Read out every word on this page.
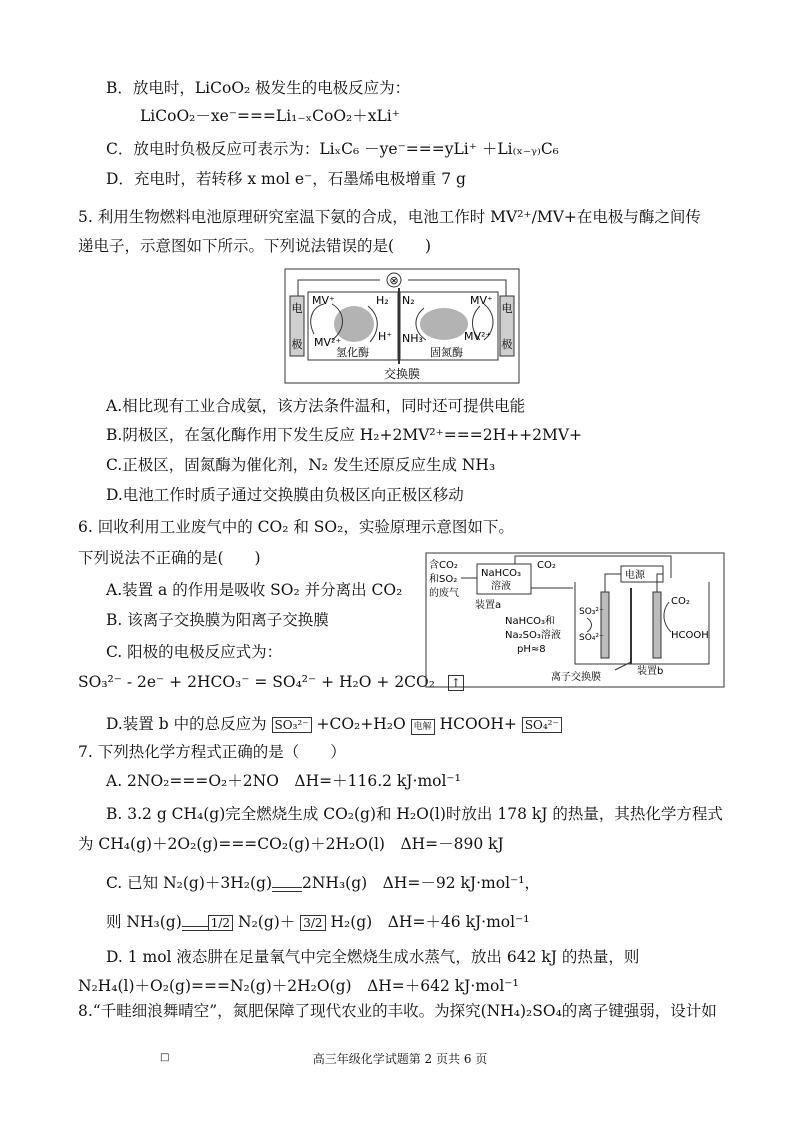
B．放电时，LiCoO₂ 极发生的电极反应为：
LiCoO₂－xe⁻===Li₁₋ₓCoO₂＋xLi⁺
C．放电时负极反应可表示为：LiₓC₆ －ye⁻===yLi⁺ ＋Li₍ₓ₋ᵧ₎C₆
D．充电时，若转移 x mol e⁻，石墨烯电极增重 7 g
5. 利用生物燃料电池原理研究室温下氨的合成，电池工作时 MV²⁺/MV+在电极与酶之间传
递电子，示意图如下所示。下列说法错误的是(　　)
⊗
电
极
电
极
MV⁺	H₂
MV²⁺	H⁺
氢化酶
N₂	MV⁺
NH₃	MV²⁺
固氮酶
交换膜
A.相比现有工业合成氨，该方法条件温和，同时还可提供电能
B.阴极区，在氢化酶作用下发生反应 H₂+2MV²⁺===2H++2MV+
C.正极区，固氮酶为催化剂，N₂ 发生还原反应生成 NH₃
D.电池工作时质子通过交换膜由负极区向正极区移动
6. 回收利用工业废气中的 CO₂ 和 SO₂，实验原理示意图如下。
下列说法不正确的是(　　)
A.装置 a 的作用是吸收 SO₂ 并分离出 CO₂
B. 该离子交换膜为阳离子交换膜
C. 阳极的电极反应式为：
SO₃²⁻ - 2e⁻ + 2HCO₃⁻ = SO₄²⁻ + H₂O + 2CO₂ ↑
D.装置 b 中的总反应为 SO₃²⁻ +CO₂+H₂O 电解 HCOOH+ SO₄²⁻
含CO₂
和SO₂
的废气
NaHCO₃
溶液
装置a
CO₂
电源
NaHCO₃和
Na₂SO₃溶液
pH≈8
SO₃²⁻
SO₄²⁻
CO₂
HCOOH
离子交换膜
装置b
7. 下列热化学方程式正确的是（　　）
A. 2NO₂===O₂＋2NO　ΔH=＋116.2 kJ·mol⁻¹
B. 3.2 g CH₄(g)完全燃烧生成 CO₂(g)和 H₂O(l)时放出 178 kJ 的热量，其热化学方程式
为 CH₄(g)＋2O₂(g)===CO₂(g)＋2H₂O(l)　ΔH=－890 kJ
C. 已知 N₂(g)＋3H₂(g) 2NH₃(g)　ΔH=－92 kJ·mol⁻¹，
则 NH₃(g) 1/2 N₂(g)＋ 3/2 H₂(g)　ΔH=＋46 kJ·mol⁻¹
D. 1 mol 液态肼在足量氧气中完全燃烧生成水蒸气，放出 642 kJ 的热量，则
N₂H₄(l)＋O₂(g)===N₂(g)＋2H₂O(g)　ΔH=＋642 kJ·mol⁻¹
8.“千畦细浪舞晴空”，氮肥保障了现代农业的丰收。为探究(NH₄)₂SO₄的离子键强弱，设计如
□	高三年级化学试题第 2 页共 6 页
